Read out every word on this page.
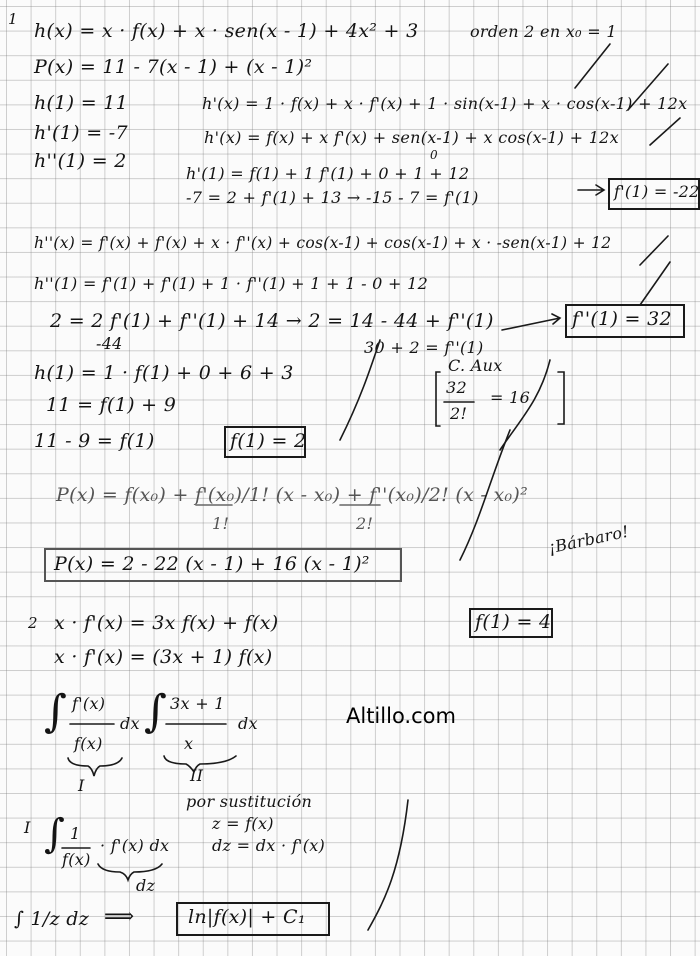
1
h(x) = x · f(x) + x · sen(x - 1) + 4x² + 3	orden 2 en x₀ = 1
P(x) = 11 - 7(x - 1) + (x - 1)²
h(1) = 11
h'(1) = -7
h''(1) = 2
h'(x) = 1 · f(x) + x · f'(x) + 1 · sin(x-1) + x · cos(x-1) + 12x
h'(x) = f(x) + x f'(x) + sen(x-1) + x cos(x-1) + 12x
0
h'(1) = f(1) + 1 f'(1) + 0 + 1 + 12
-7 = 2 + f'(1) + 13 → -15 - 7 = f'(1)	f'(1) = -22
h''(x) = f'(x) + f'(x) + x · f''(x) + cos(x-1) + cos(x-1) + x · -sen(x-1) + 12
h''(1) = f'(1) + f'(1) + 1 · f''(1) + 1 + 1 - 0 + 12
2 = 2 f'(1) + f''(1) + 14 → 2 = 14 - 44 + f''(1)
-44	30 + 2 = f''(1)
f''(1) = 32
C. Aux
32
2!
= 16
h(1) = 1 · f(1) + 0 + 6 + 3
11 = f(1) + 9
11 - 9 = f(1)	f(1) = 2
P(x) = f(x₀) + f'(x₀)/1! (x - x₀) + f''(x₀)/2! (x - x₀)²
1!	2!
P(x) = 2 - 22 (x - 1) + 16 (x - 1)²
¡Bárbaro!
2 x · f'(x) = 3x f(x) + f(x)
x · f'(x) = (3x + 1) f(x)
f(1) = 4
∫ f'(x)
f(x)
dx ∫ 3x + 1
x
dx
I
II
por sustitución
z = f(x)
dz = dx · f'(x)
I ∫ 1
f(x)
· f'(x) dx
dz
∫ 1/z dz ⟹	ln|f(x)| + C₁
Altillo.com
